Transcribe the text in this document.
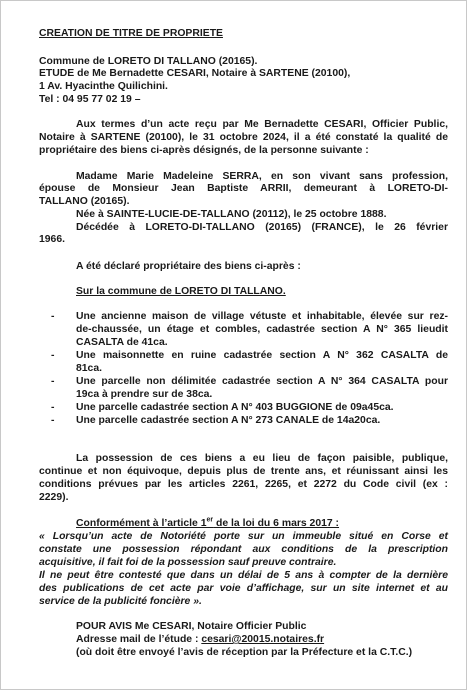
CREATION DE TITRE DE PROPRIETE
Commune de LORETO DI TALLANO (20165).
ETUDE de Me Bernadette CESARI, Notaire à SARTENE (20100),
1 Av. Hyacinthe Quilichini.
Tel : 04 95 77 02 19 –
Aux termes d’un acte reçu par Me Bernadette CESARI, Officier Public,
Notaire à SARTENE (20100), le 31 octobre 2024, il a été constaté la qualité de
propriétaire des biens ci-après désignés, de la personne suivante :
Madame Marie Madeleine SERRA, en son vivant sans profession,
épouse de Monsieur Jean Baptiste ARRII, demeurant à LORETO-DI-
TALLANO (20165).
Née à SAINTE-LUCIE-DE-TALLANO (20112), le 25 octobre 1888.
Décédée à LORETO-DI-TALLANO (20165) (FRANCE), le 26 février
1966.
A été déclaré propriétaire des biens ci-après :
Sur la commune de LORETO DI TALLANO.
- Une ancienne maison de village vétuste et inhabitable, élevée sur rez-
de-chaussée, un étage et combles, cadastrée section A N° 365 lieudit
CASALTA de 41ca.
- Une maisonnette en ruine cadastrée section A N° 362 CASALTA de
81ca.
- Une parcelle non délimitée cadastrée section A N° 364 CASALTA pour
19ca à prendre sur de 38ca.
- Une parcelle cadastrée section A N° 403 BUGGIONE de 09a45ca.
- Une parcelle cadastrée section A N° 273 CANALE de 14a20ca.
La possession de ces biens a eu lieu de façon paisible, publique,
continue et non équivoque, depuis plus de trente ans, et réunissant ainsi les
conditions prévues par les articles 2261, 2265, et 2272 du Code civil (ex :
2229).
Conformément à l’article 1er de la loi du 6 mars 2017 :
« Lorsqu’un acte de Notoriété porte sur un immeuble situé en Corse et
constate une possession répondant aux conditions de la prescription
acquisitive, il fait foi de la possession sauf preuve contraire.
Il ne peut être contesté que dans un délai de 5 ans à compter de la dernière
des publications de cet acte par voie d’affichage, sur un site internet et au
service de la publicité foncière ».
POUR AVIS Me CESARI, Notaire Officier Public
Adresse mail de l’étude : cesari@20015.notaires.fr
(où doit être envoyé l’avis de réception par la Préfecture et la C.T.C.)
